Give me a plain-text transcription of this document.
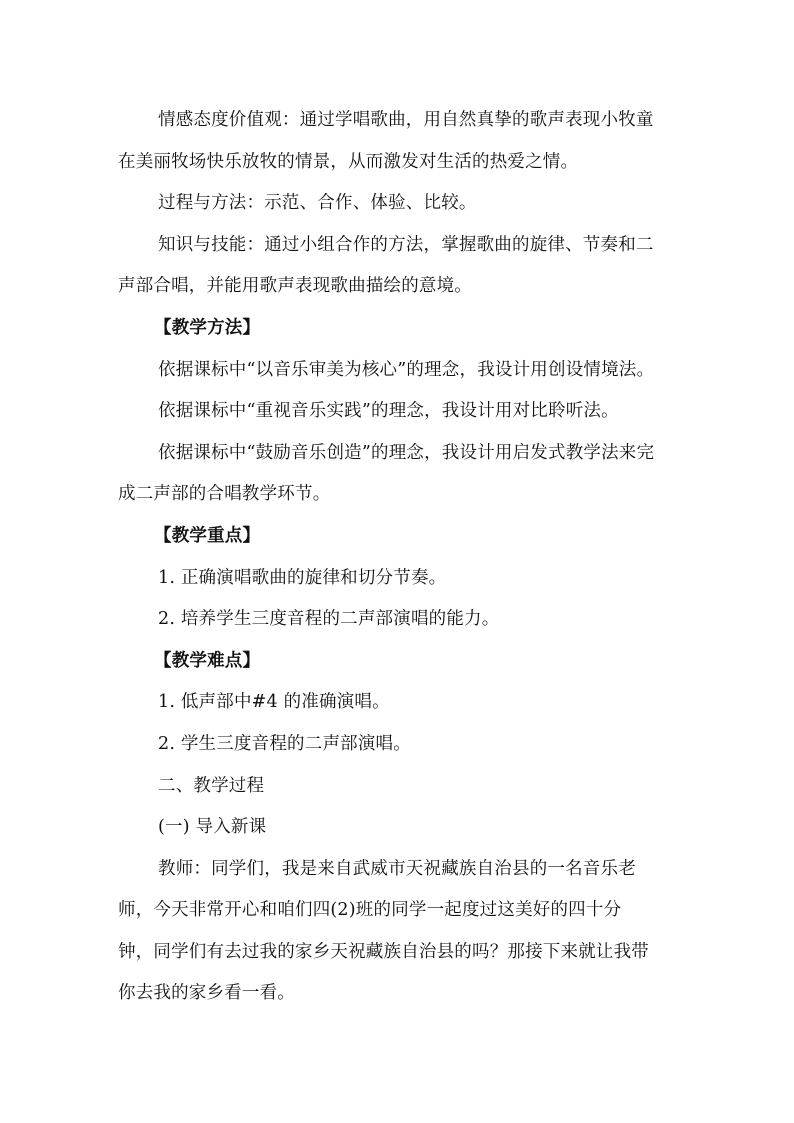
情感态度价值观：通过学唱歌曲，用自然真挚的歌声表现小牧童
在美丽牧场快乐放牧的情景，从而激发对生活的热爱之情。
过程与方法：示范、合作、体验、比较。
知识与技能：通过小组合作的方法，掌握歌曲的旋律、节奏和二
声部合唱，并能用歌声表现歌曲描绘的意境。
【教学方法】
依据课标中“以音乐审美为核心”的理念，我设计用创设情境法。
依据课标中“重视音乐实践”的理念，我设计用对比聆听法。
依据课标中“鼓励音乐创造”的理念，我设计用启发式教学法来完
成二声部的合唱教学环节。
【教学重点】
1. 正确演唱歌曲的旋律和切分节奏。
2. 培养学生三度音程的二声部演唱的能力。
【教学难点】
1. 低声部中#4 的准确演唱。
2. 学生三度音程的二声部演唱。
二、教学过程
(一) 导入新课
教师：同学们，我是来自武威市天祝藏族自治县的一名音乐老
师，今天非常开心和咱们四(2)班的同学一起度过这美好的四十分
钟，同学们有去过我的家乡天祝藏族自治县的吗？那接下来就让我带
你去我的家乡看一看。
